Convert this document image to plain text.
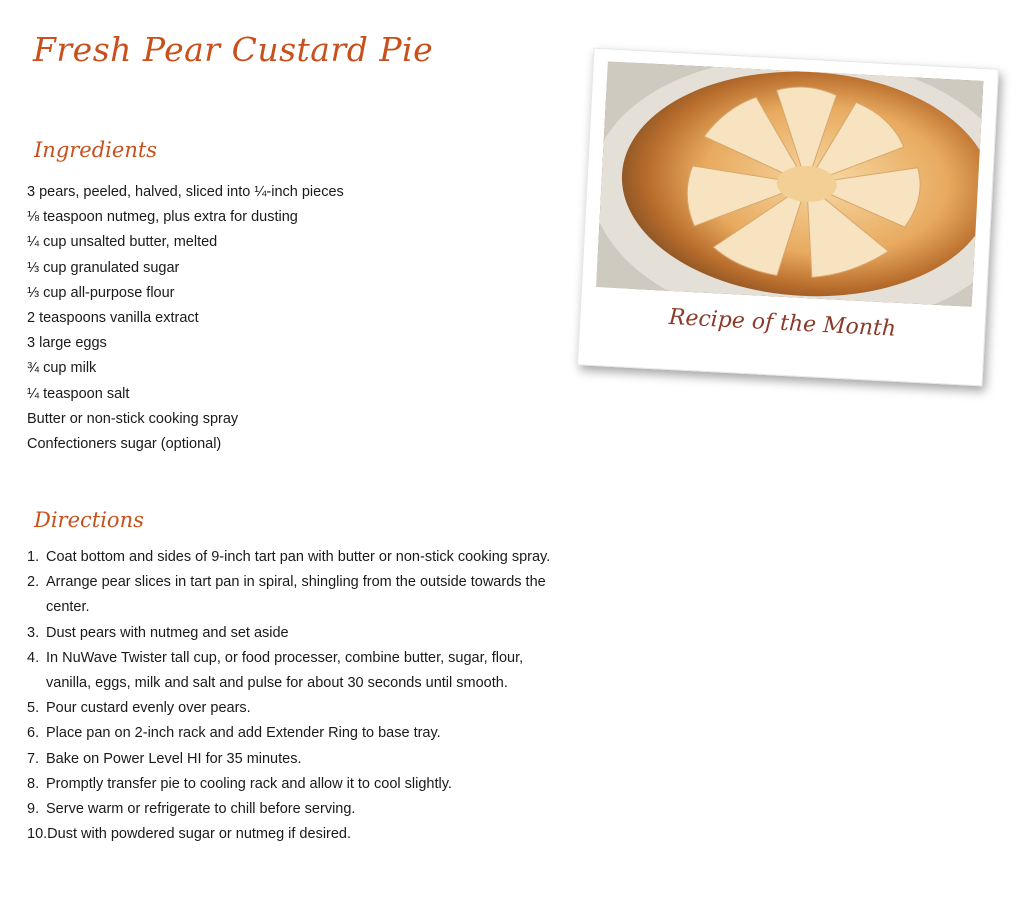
Fresh Pear Custard Pie
Ingredients
3 pears, peeled, halved, sliced into ¼-inch pieces
⅛ teaspoon nutmeg, plus extra for dusting
¼ cup unsalted butter, melted
⅓ cup granulated sugar
⅓ cup all-purpose flour
2 teaspoons vanilla extract
3 large eggs
¾ cup milk
¼ teaspoon salt
Butter or non-stick cooking spray
Confectioners sugar (optional)
Directions
1. Coat bottom and sides of 9-inch tart pan with butter or non-stick cooking spray.
2. Arrange pear slices in tart pan in spiral, shingling from the outside towards the center.
3. Dust pears with nutmeg and set aside
4. In NuWave Twister tall cup, or food processer, combine butter, sugar, flour, vanilla, eggs, milk and salt and pulse for about 30 seconds until smooth.
5. Pour custard evenly over pears.
6. Place pan on 2-inch rack and add Extender Ring to base tray.
7. Bake on Power Level HI for 35 minutes.
8. Promptly transfer pie to cooling rack and allow it to cool slightly.
9. Serve warm or refrigerate to chill before serving.
10. Dust with powdered sugar or nutmeg if desired.
Recipe of the Month
